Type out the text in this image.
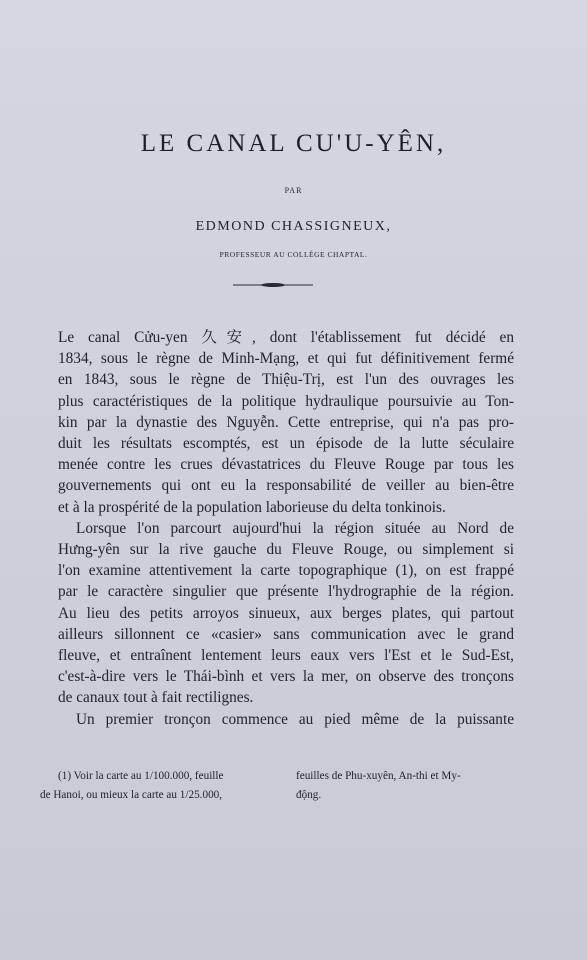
LE CANAL CU'U-YÊN,
PAR
EDMOND CHASSIGNEUX,
PROFESSEUR AU COLLÈGE CHAPTAL.
Le canal Cửu-yen 久安, dont l'établissement fut décidé en
1834, sous le règne de Minh-Mạng, et qui fut définitivement fermé
en 1843, sous le règne de Thiệu-Trị, est l'un des ouvrages les
plus caractéristiques de la politique hydraulique poursuivie au Ton-
kin par la dynastie des Nguyễn. Cette entreprise, qui n'a pas pro-
duit les résultats escomptés, est un épisode de la lutte séculaire
menée contre les crues dévastatrices du Fleuve Rouge par tous les
gouvernements qui ont eu la responsabilité de veiller au bien-être
et à la prospérité de la population laborieuse du delta tonkinois.
Lorsque l'on parcourt aujourd'hui la région située au Nord de
Hưng-yên sur la rive gauche du Fleuve Rouge, ou simplement si
l'on examine attentivement la carte topographique (1), on est frappé
par le caractère singulier que présente l'hydrographie de la région.
Au lieu des petits arroyos sinueux, aux berges plates, qui partout
ailleurs sillonnent ce «casier» sans communication avec le grand
fleuve, et entraînent lentement leurs eaux vers l'Est et le Sud-Est,
c'est-à-dire vers le Thái-bình et vers la mer, on observe des tronçons
de canaux tout à fait rectilignes.
Un premier tronçon commence au pied même de la puissante
(1) Voir la carte au 1/100.000, feuille
de Hanoi, ou mieux la carte au 1/25.000,
feuilles de Phu-xuyên, An-thi et My-
động.
